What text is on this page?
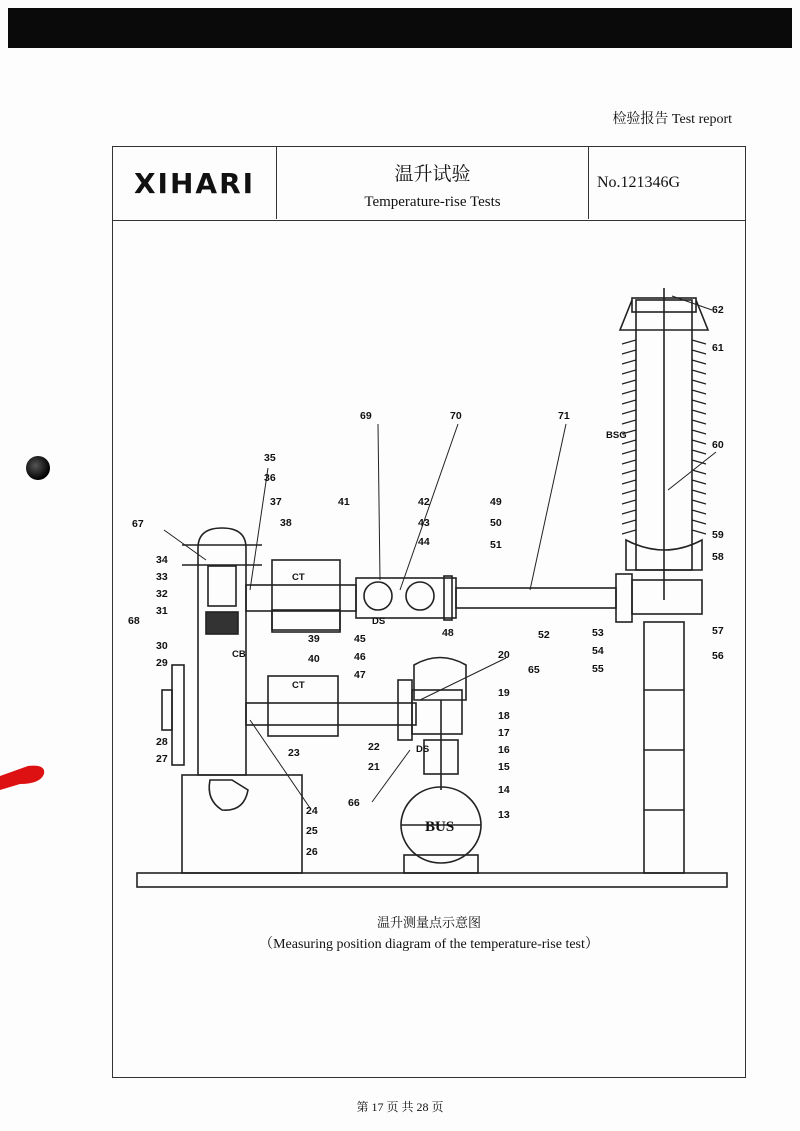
检验报告 Test report
XIHARI	温升试验
Temperature-rise Tests
No.121346G
CT
CT
CB
DS
DS
BSG
BUS
13
14
15
16
17
18
19
20
21
22
23
24
25
26
27
28
29
30
31
32
33
34
35
36
37
38
39
40
41	42
43
44
45
46
47
48
49
50
51
52	53
54
55
56
57
58
59
60
61
62
65
66
67
68
69	70	71
温升测量点示意图
（Measuring position diagram of the temperature-rise test）
第 17 页 共 28 页
